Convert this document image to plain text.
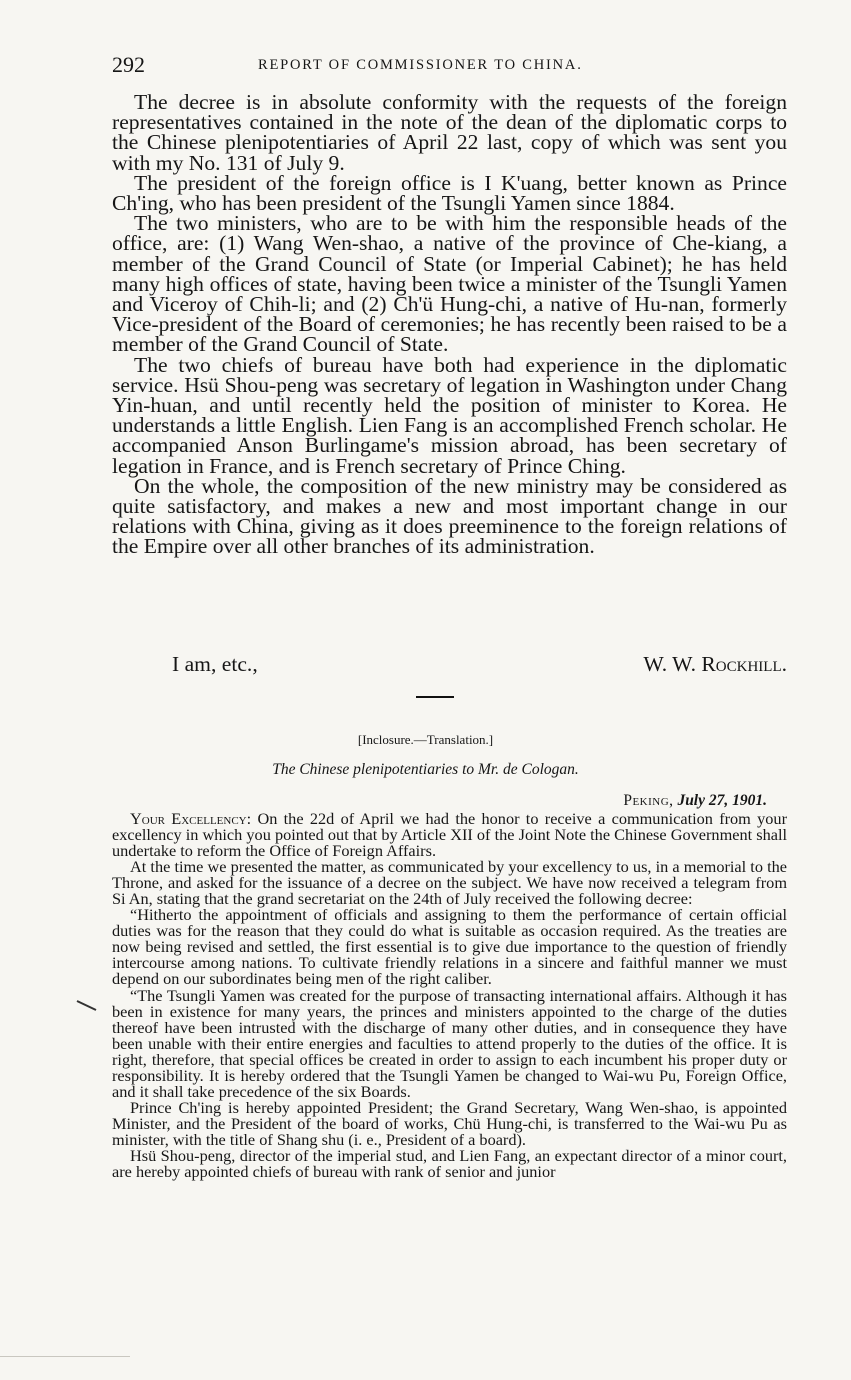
292	REPORT OF COMMISSIONER TO CHINA.

The decree is in absolute conformity with the requests of the foreign representatives contained in the note of the dean of the diplomatic corps to the Chinese plenipotentiaries of April 22 last, copy of which was sent you with my No. 131 of July 9.

The president of the foreign office is I K'uang, better known as Prince Ch'ing, who has been president of the Tsungli Yamen since 1884.

The two ministers, who are to be with him the responsible heads of the office, are: (1) Wang Wen-shao, a native of the province of Che-kiang, a member of the Grand Council of State (or Imperial Cabinet); he has held many high offices of state, having been twice a minister of the Tsungli Yamen and Viceroy of Chih-li; and (2) Ch'ü Hung-chi, a native of Hu-nan, formerly Vice-president of the Board of ceremonies; he has recently been raised to be a member of the Grand Council of State.

The two chiefs of bureau have both had experience in the diplomatic service. Hsü Shou-peng was secretary of legation in Washington under Chang Yin-huan, and until recently held the position of minister to Korea. He understands a little English. Lien Fang is an accomplished French scholar. He accompanied Anson Burlingame's mission abroad, has been secretary of legation in France, and is French secretary of Prince Ching.

On the whole, the composition of the new ministry may be considered as quite satisfactory, and makes a new and most important change in our relations with China, giving as it does preeminence to the foreign relations of the Empire over all other branches of its administration.

I am, etc.,	W. W. Rockhill.
[Inclosure.—Translation.]
The Chinese plenipotentiaries to Mr. de Cologan.
Peking, July 27, 1901.

Your Excellency: On the 22d of April we had the honor to receive a communication from your excellency in which you pointed out that by Article XII of the Joint Note the Chinese Government shall undertake to reform the Office of Foreign Affairs.

At the time we presented the matter, as communicated by your excellency to us, in a memorial to the Throne, and asked for the issuance of a decree on the subject. We have now received a telegram from Si An, stating that the grand secretariat on the 24th of July received the following decree:

“Hitherto the appointment of officials and assigning to them the performance of certain official duties was for the reason that they could do what is suitable as occasion required. As the treaties are now being revised and settled, the first essential is to give due importance to the question of friendly intercourse among nations. To cultivate friendly relations in a sincere and faithful manner we must depend on our subordinates being men of the right caliber.

“The Tsungli Yamen was created for the purpose of transacting international affairs. Although it has been in existence for many years, the princes and ministers appointed to the charge of the duties thereof have been intrusted with the discharge of many other duties, and in consequence they have been unable with their entire energies and faculties to attend properly to the duties of the office. It is right, therefore, that special offices be created in order to assign to each incumbent his proper duty or responsibility. It is hereby ordered that the Tsungli Yamen be changed to Wai-wu Pu, Foreign Office, and it shall take precedence of the six Boards.

Prince Ch'ing is hereby appointed President; the Grand Secretary, Wang Wen-shao, is appointed Minister, and the President of the board of works, Chü Hung-chi, is transferred to the Wai-wu Pu as minister, with the title of Shang shu (i. e., President of a board).

Hsü Shou-peng, director of the imperial stud, and Lien Fang, an expectant director of a minor court, are hereby appointed chiefs of bureau with rank of senior and junior
